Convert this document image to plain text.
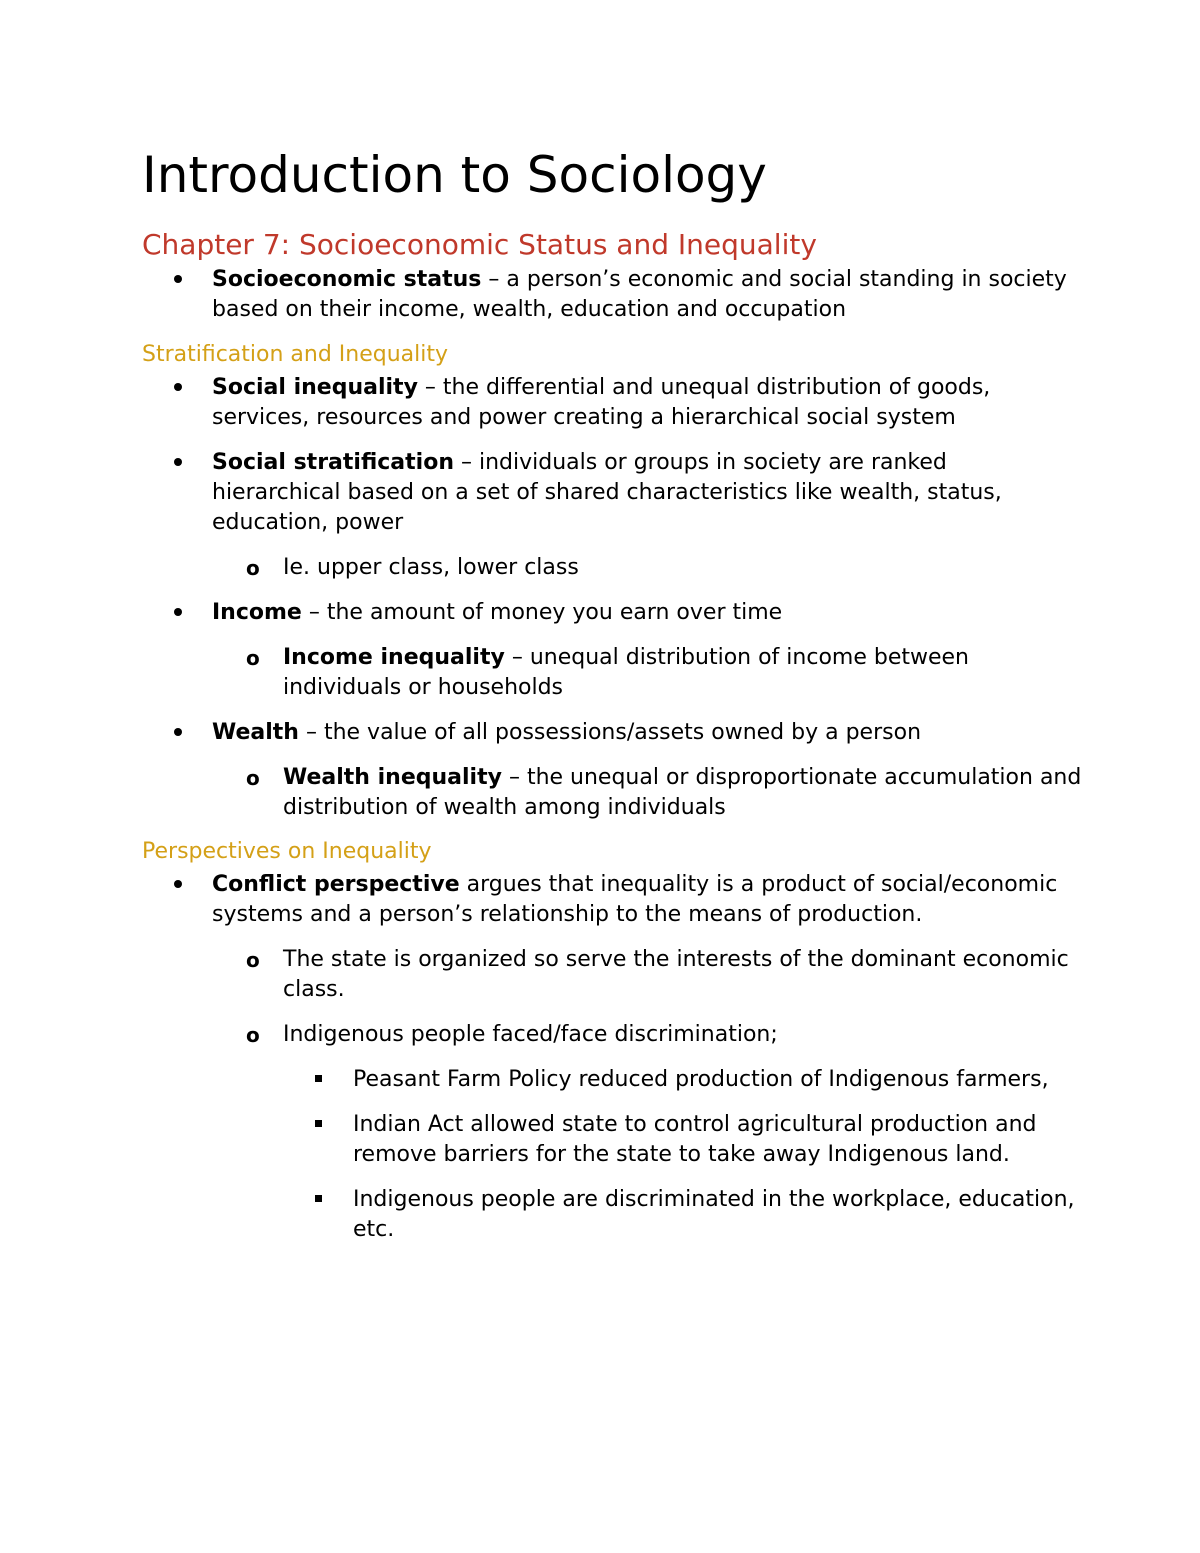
Introduction to Sociology
Chapter 7: Socioeconomic Status and Inequality
Socioeconomic status – a person’s economic and social standing in society based on their income, wealth, education and occupation
Stratification and Inequality
Social inequality – the differential and unequal distribution of goods, services, resources and power creating a hierarchical social system
Social stratification – individuals or groups in society are ranked hierarchical based on a set of shared characteristics like wealth, status, education, power
o Ie. upper class, lower class
Income – the amount of money you earn over time
o Income inequality – unequal distribution of income between individuals or households
Wealth – the value of all possessions/assets owned by a person
o Wealth inequality – the unequal or disproportionate accumulation and distribution of wealth among individuals
Perspectives on Inequality
Conflict perspective argues that inequality is a product of social/economic systems and a person’s relationship to the means of production.
o The state is organized so serve the interests of the dominant economic class.
o Indigenous people faced/face discrimination;
Peasant Farm Policy reduced production of Indigenous farmers,
Indian Act allowed state to control agricultural production and remove barriers for the state to take away Indigenous land.
Indigenous people are discriminated in the workplace, education, etc.
